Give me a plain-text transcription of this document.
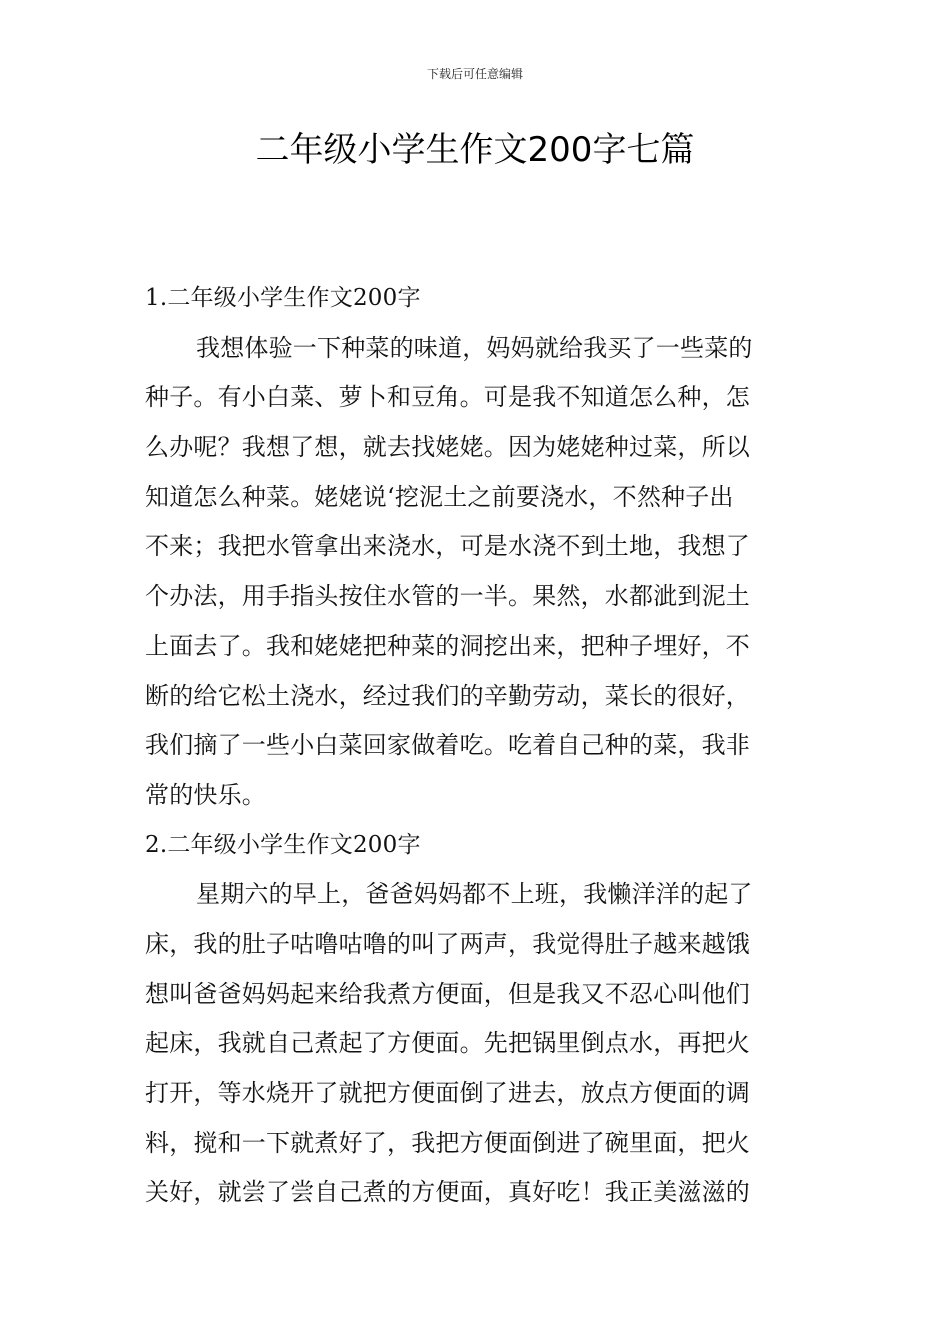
下载后可任意编辑
二年级小学生作文200字七篇
1.二年级小学生作文200字
我想体验一下种菜的味道，妈妈就给我买了一些菜的
种子。有小白菜、萝卜和豆角。可是我不知道怎么种，怎
么办呢？我想了想，就去找姥姥。因为姥姥种过菜，所以
知道怎么种菜。姥姥说‘挖泥土之前要浇水，不然种子出
不来；我把水管拿出来浇水，可是水浇不到土地，我想了
个办法，用手指头按住水管的一半。果然，水都泚到泥土
上面去了。我和姥姥把种菜的洞挖出来，把种子埋好，不
断的给它松土浇水，经过我们的辛勤劳动，菜长的很好，
我们摘了一些小白菜回家做着吃。吃着自己种的菜，我非
常的快乐。
2.二年级小学生作文200字
星期六的早上，爸爸妈妈都不上班，我懒洋洋的起了
床，我的肚子咕噜咕噜的叫了两声，我觉得肚子越来越饿
想叫爸爸妈妈起来给我煮方便面，但是我又不忍心叫他们
起床，我就自己煮起了方便面。先把锅里倒点水，再把火
打开，等水烧开了就把方便面倒了进去，放点方便面的调
料，搅和一下就煮好了，我把方便面倒进了碗里面，把火
关好，就尝了尝自己煮的方便面，真好吃！我正美滋滋的
